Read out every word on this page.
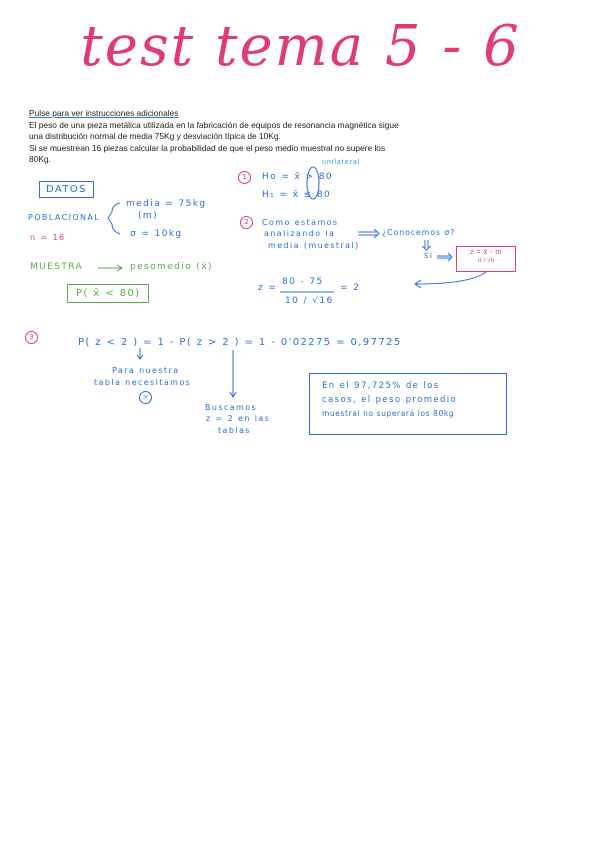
test tema 5 - 6
Pulse para ver instrucciones adicionales
El peso de una pieza metálica utilizada en la fabricación de equipos de resonancia magnética sigue
una distribución normal de media 75Kg y desviación típica de 10Kg.
Si se muestrean 16 piezas calcular la probabilidad de que el peso medio muestral no supere los
80Kg.
DATOS
POBLACIONAL
media = 75kg
(m)
σ = 10kg
n = 16
MUESTRA	pesomedio (x̄)
P( x̄ < 80)
1
unilateral
Ho = x̄ > 80
H₁ = x̄ ≤ 80
2	Como estamos
analizando la
media (muestral)
¿Conocemos σ?
SI	z = x̄ - m
σ / √n
z =
80 - 75
10 / √16
= 2
3	P( z < 2 ) = 1 - P( z > 2 ) = 1 - 0'02275 = 0,97725
Para nuestra
tabla necesitamos
>
Buscamos
z = 2 en las
tablas
En el 97,725% de los
casos, el peso promedio
muestral no superará los 80kg
